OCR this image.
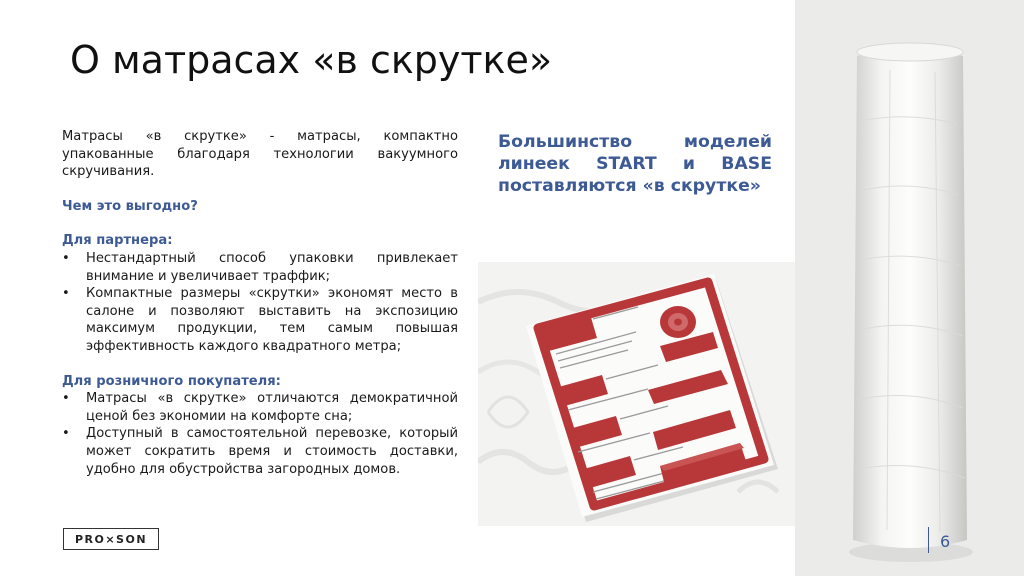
О матрасах «в скрутке»

Матрасы «в скрутке» - матрасы, компактно упакованные благодаря технологии вакуумного скручивания.

Чем это выгодно?

Для партнера:

• Нестандартный способ упаковки привлекает внимание и увеличивает траффик;
• Компактные размеры «скрутки» экономят место в салоне и позволяют выставить на экспозицию максимум продукции, тем самым повышая эффективность каждого квадратного метра;

Для розничного покупателя:

• Матрасы «в скрутке» отличаются демократичной ценой без экономии на комфорте сна;
• Доступный в самостоятельной перевозке, который может сократить время и стоимость доставки, удобно для обустройства загородных домов.
Большинство моделей линеек START и BASE поставляются «в скрутке»
PRO×SON	6
